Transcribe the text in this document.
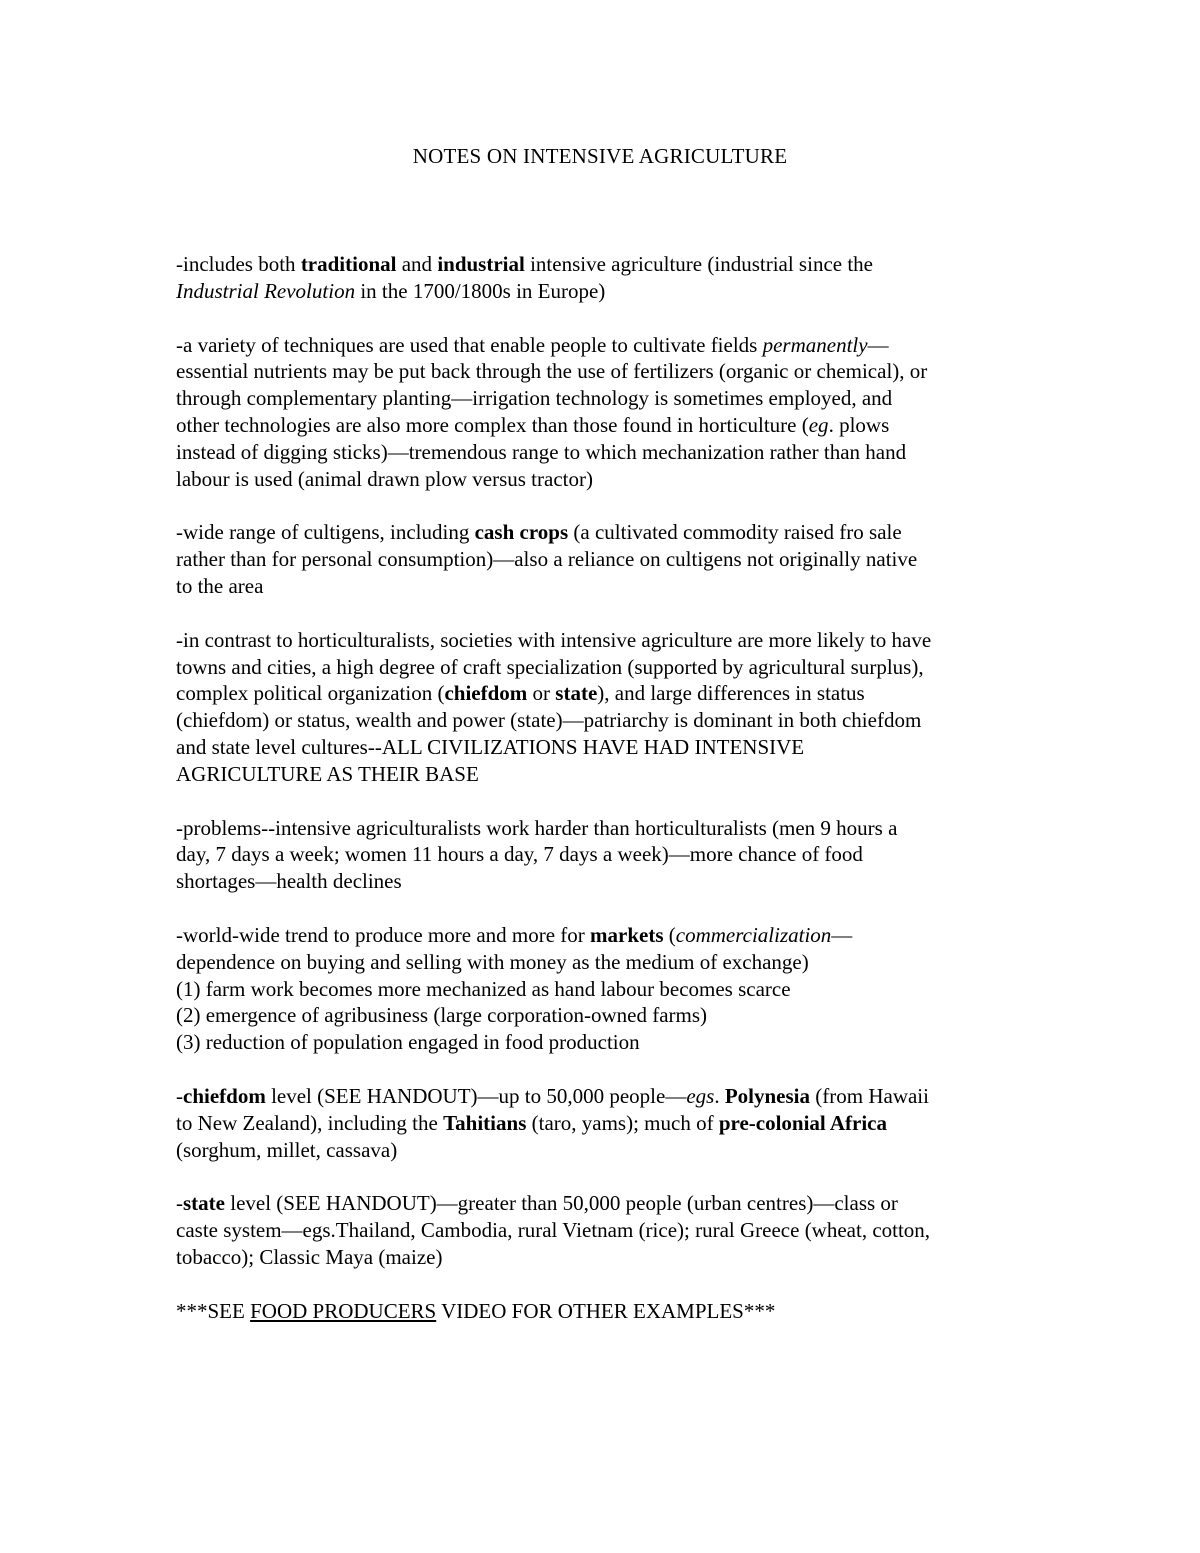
NOTES ON INTENSIVE AGRICULTURE
-includes both traditional and industrial intensive agriculture (industrial since the
Industrial Revolution in the 1700/1800s in Europe)
-a variety of techniques are used that enable people to cultivate fields permanently—
essential nutrients may be put back through the use of fertilizers (organic or chemical), or
through complementary planting—irrigation technology is sometimes employed, and
other technologies are also more complex than those found in horticulture (eg. plows
instead of digging sticks)—tremendous range to which mechanization rather than hand
labour is used (animal drawn plow versus tractor)
-wide range of cultigens, including cash crops (a cultivated commodity raised fro sale
rather than for personal consumption)—also a reliance on cultigens not originally native
to the area
-in contrast to horticulturalists, societies with intensive agriculture are more likely to have
towns and cities, a high degree of craft specialization (supported by agricultural surplus),
complex political organization (chiefdom or state), and large differences in status
(chiefdom) or status, wealth and power (state)—patriarchy is dominant in both chiefdom
and state level cultures--ALL CIVILIZATIONS HAVE HAD INTENSIVE
AGRICULTURE AS THEIR BASE
-problems--intensive agriculturalists work harder than horticulturalists (men 9 hours a
day, 7 days a week; women 11 hours a day, 7 days a week)—more chance of food
shortages—health declines
-world-wide trend to produce more and more for markets (commercialization—
dependence on buying and selling with money as the medium of exchange)
(1) farm work becomes more mechanized as hand labour becomes scarce
(2) emergence of agribusiness (large corporation-owned farms)
(3) reduction of population engaged in food production
-chiefdom level (SEE HANDOUT)—up to 50,000 people—egs. Polynesia (from Hawaii
to New Zealand), including the Tahitians (taro, yams); much of pre-colonial Africa
(sorghum, millet, cassava)
-state level (SEE HANDOUT)—greater than 50,000 people (urban centres)—class or
caste system—egs.Thailand, Cambodia, rural Vietnam (rice); rural Greece (wheat, cotton,
tobacco); Classic Maya (maize)
***SEE FOOD PRODUCERS VIDEO FOR OTHER EXAMPLES***
